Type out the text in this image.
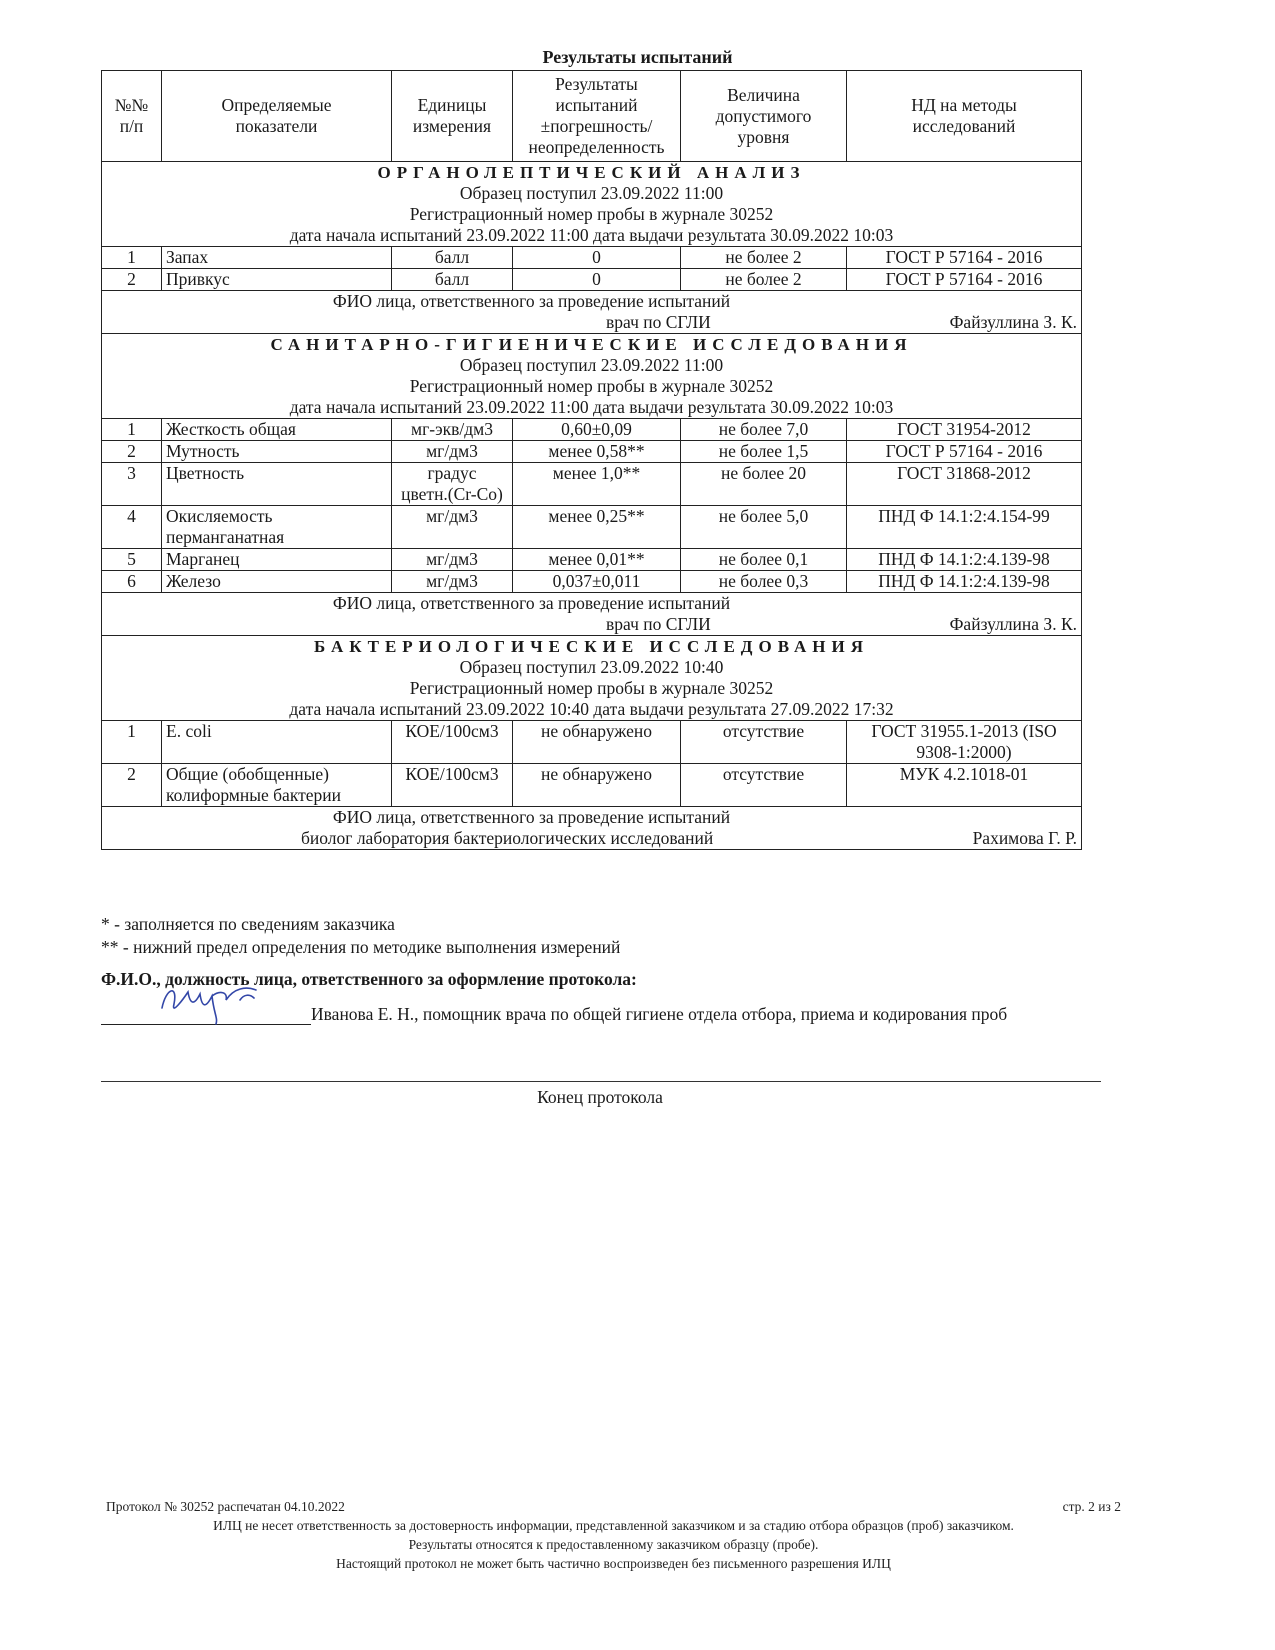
Результаты испытаний
№№
п/п	Определяемые
показатели	Единицы
измерения	Результаты
испытаний
±погрешность/
неопределенность	Величина
допустимого
уровня	НД на методы
исследований

ОРГАНОЛЕПТИЧЕСКИЙ АНАЛИЗ
Образец поступил 23.09.2022 11:00
Регистрационный номер пробы в журнале 30252
дата начала испытаний 23.09.2022 11:00 дата выдачи результата 30.09.2022 10:03					

1	Запах	балл	0	не более 2	ГОСТ Р 57164 - 2016
2	Привкус	балл	0	не более 2	ГОСТ Р 57164 - 2016

ФИО лица, ответственного за проведение испытаний
врач по СГЛИ Файзуллина З. К.					

САНИТАРНО-ГИГИЕНИЧЕСКИЕ ИССЛЕДОВАНИЯ
Образец поступил 23.09.2022 11:00
Регистрационный номер пробы в журнале 30252
дата начала испытаний 23.09.2022 11:00 дата выдачи результата 30.09.2022 10:03					

1	Жесткость общая	мг-экв/дм3	0,60±0,09	не более 7,0	ГОСТ 31954-2012
2	Мутность	мг/дм3	менее 0,58**	не более 1,5	ГОСТ Р 57164 - 2016
3	Цветность	градус
цветн.(Cr-Co)	менее 1,0**	не более 20	ГОСТ 31868-2012
4	Окисляемость
перманганатная	мг/дм3	менее 0,25**	не более 5,0	ПНД Ф 14.1:2:4.154-99
5	Марганец	мг/дм3	менее 0,01**	не более 0,1	ПНД Ф 14.1:2:4.139-98
6	Железо	мг/дм3	0,037±0,011	не более 0,3	ПНД Ф 14.1:2:4.139-98

ФИО лица, ответственного за проведение испытаний
врач по СГЛИ Файзуллина З. К.					

БАКТЕРИОЛОГИЧЕСКИЕ ИССЛЕДОВАНИЯ
Образец поступил 23.09.2022 10:40
Регистрационный номер пробы в журнале 30252
дата начала испытаний 23.09.2022 10:40 дата выдачи результата 27.09.2022 17:32					

1	E. coli	КОЕ/100см3	не обнаружено	отсутствие	ГОСТ 31955.1-2013 (ISO
9308-1:2000)
2	Общие (обобщенные)
колиформные бактерии	КОЕ/100см3	не обнаружено	отсутствие	МУК 4.2.1018-01

ФИО лица, ответственного за проведение испытаний
биолог лаборатория бактериологических исследований Рахимова Г. Р.					
* - заполняется по сведениям заказчика
** - нижний предел определения по методике выполнения измерений
Ф.И.О., должность лица, ответственного за оформление протокола:
Иванова Е. Н., помощник врача по общей гигиене отдела отбора, приема и кодирования проб
Конец протокола
Протокол № 30252 распечатан 04.10.2022	стр. 2 из 2
ИЛЦ не несет ответственность за достоверность информации, представленной заказчиком и за стадию отбора образцов (проб) заказчиком.
Результаты относятся к предоставленному заказчиком образцу (пробе).
Настоящий протокол не может быть частично воспроизведен без письменного разрешения ИЛЦ
